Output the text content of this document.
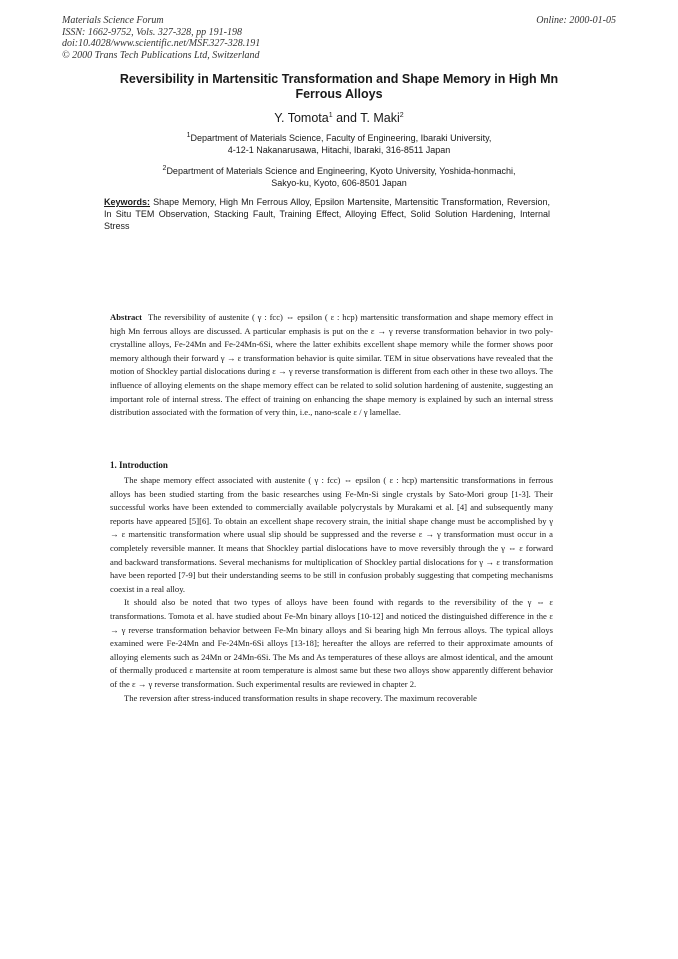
Materials Science Forum
ISSN: 1662-9752, Vols. 327-328, pp 191-198
doi:10.4028/www.scientific.net/MSF.327-328.191
© 2000 Trans Tech Publications Ltd, Switzerland
Online: 2000-01-05
Reversibility in Martensitic Transformation and Shape Memory in High Mn Ferrous Alloys
Y. Tomota$^1$ and T. Maki$^2$
$^1$Department of Materials Science, Faculty of Engineering, Ibaraki University,
4-12-1 Nakanarusawa, Hitachi, Ibaraki, 316-8511 Japan
$^2$Department of Materials Science and Engineering, Kyoto University, Yoshida-honmachi,
Sakyo-ku, Kyoto, 606-8501 Japan
Keywords: Shape Memory, High Mn Ferrous Alloy, Epsilon Martensite, Martensitic Transformation, Reversion, In Situ TEM Observation, Stacking Fault, Training Effect, Alloying Effect, Solid Solution Hardening, Internal Stress

Abstract The reversibility of austenite ( γ : fcc) ⇔ epsilon ( ε : hcp) martensitic transformation and shape memory effect in high Mn ferrous alloys are discussed. A particular emphasis is put on the ε → γ reverse transformation behavior in two poly-crystalline alloys, Fe-24Mn and Fe-24Mn-6Si, where the latter exhibits excellent shape memory while the former shows poor memory although their forward γ → ε transformation behavior is quite similar. TEM in situe observations have revealed that the motion of Shockley partial dislocations during ε → γ reverse transformation is different from each other in these two alloys. The influence of alloying elements on the shape memory effect can be related to solid solution hardening of austenite, suggesting an important role of internal stress. The effect of training on enhancing the shape memory is explained by such an internal stress distribution associated with the formation of very thin, i.e., nano-scale ε / γ lamellae.

1. Introduction

The shape memory effect associated with austenite ( γ : fcc) ⇔ epsilon ( ε : hcp) martensitic transformations in ferrous alloys has been studied starting from the basic researches using Fe-Mn-Si single crystals by Sato-Mori group [1-3]. Their successful works have been extended to commercially available polycrystals by Murakami et al. [4] and subsequently many reports have appeared [5][6]. To obtain an excellent shape recovery strain, the initial shape change must be accomplished by γ → ε martensitic transformation where usual slip should be suppressed and the reverse ε → γ transformation must occur in a completely reversible manner. It means that Shockley partial dislocations have to move reversibly through the γ ⇔ ε forward and backward transformations. Several mechanisms for multiplication of Shockley partial dislocations for γ → ε transformation have been reported [7-9] but their understanding seems to be still in confusion probably suggesting that competing mechanisms coexist in a real alloy.

It should also be noted that two types of alloys have been found with regards to the reversibility of the γ ⇔ ε transformations. Tomota et al. have studied about Fe-Mn binary alloys [10-12] and noticed the distinguished difference in the ε → γ reverse transformation behavior between Fe-Mn binary alloys and Si bearing high Mn ferrous alloys. The typical alloys examined were Fe-24Mn and Fe-24Mn-6Si alloys [13-18]; hereafter the alloys are referred to their approximate amounts of alloying elements such as 24Mn or 24Mn-6Si. The Ms and As temperatures of these alloys are almost identical, and the amount of thermally produced ε martensite at room temperature is almost same but these two alloys show apparently different behavior of the ε → γ reverse transformation. Such experimental results are reviewed in chapter 2.

The reversion after stress-induced transformation results in shape recovery. The maximum recoverable
